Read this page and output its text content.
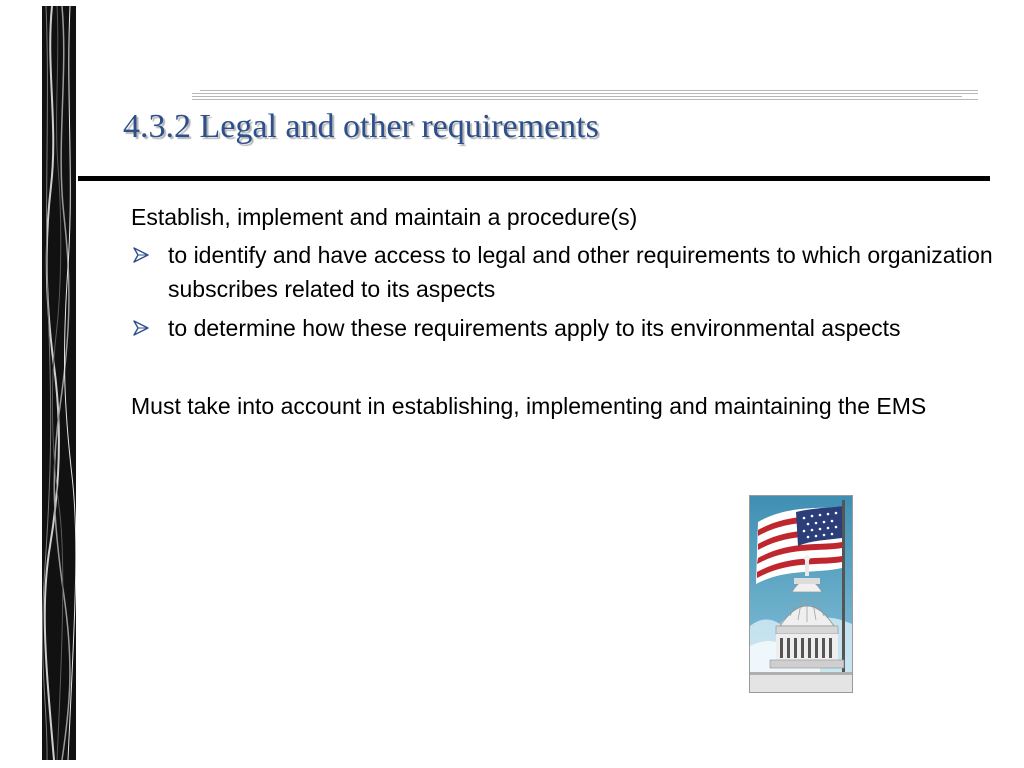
4.3.2 Legal and other requirements

Establish, implement and maintain a procedure(s)

to identify and have access to legal and other requirements to which organization subscribes related to its aspects
to determine how these requirements apply to its environmental aspects

Must take into account in establishing, implementing and maintaining the EMS
